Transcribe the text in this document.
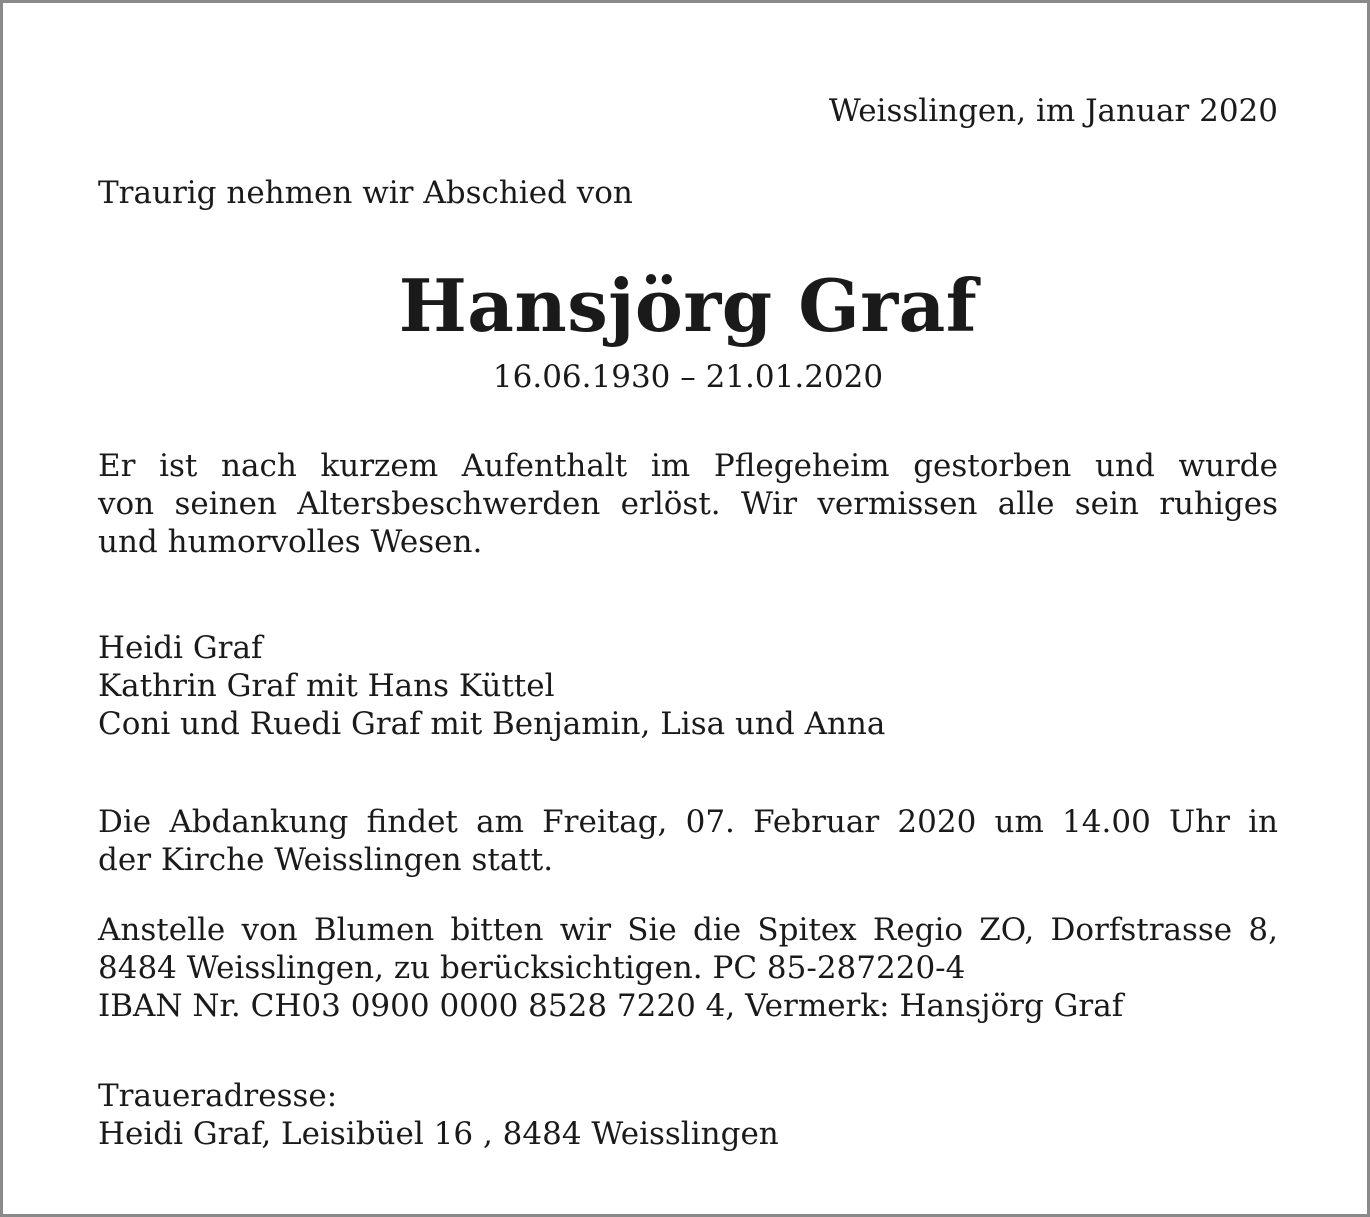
Weisslingen, im Januar 2020
Traurig nehmen wir Abschied von
Hansjörg Graf
16.06.1930 – 21.01.2020
Er ist nach kurzem Aufenthalt im Pflegeheim gestorben und wurde
von seinen Altersbeschwerden erlöst. Wir vermissen alle sein ruhiges
und humorvolles Wesen.
Heidi Graf
Kathrin Graf mit Hans Küttel
Coni und Ruedi Graf mit Benjamin, Lisa und Anna
Die Abdankung findet am Freitag, 07. Februar 2020 um 14.00 Uhr in
der Kirche Weisslingen statt.
Anstelle von Blumen bitten wir Sie die Spitex Regio ZO, Dorfstrasse 8,
8484 Weisslingen, zu berücksichtigen. PC 85-287220-4
IBAN Nr. CH03 0900 0000 8528 7220 4, Vermerk: Hansjörg Graf
Traueradresse:
Heidi Graf, Leisibüel 16 , 8484 Weisslingen
